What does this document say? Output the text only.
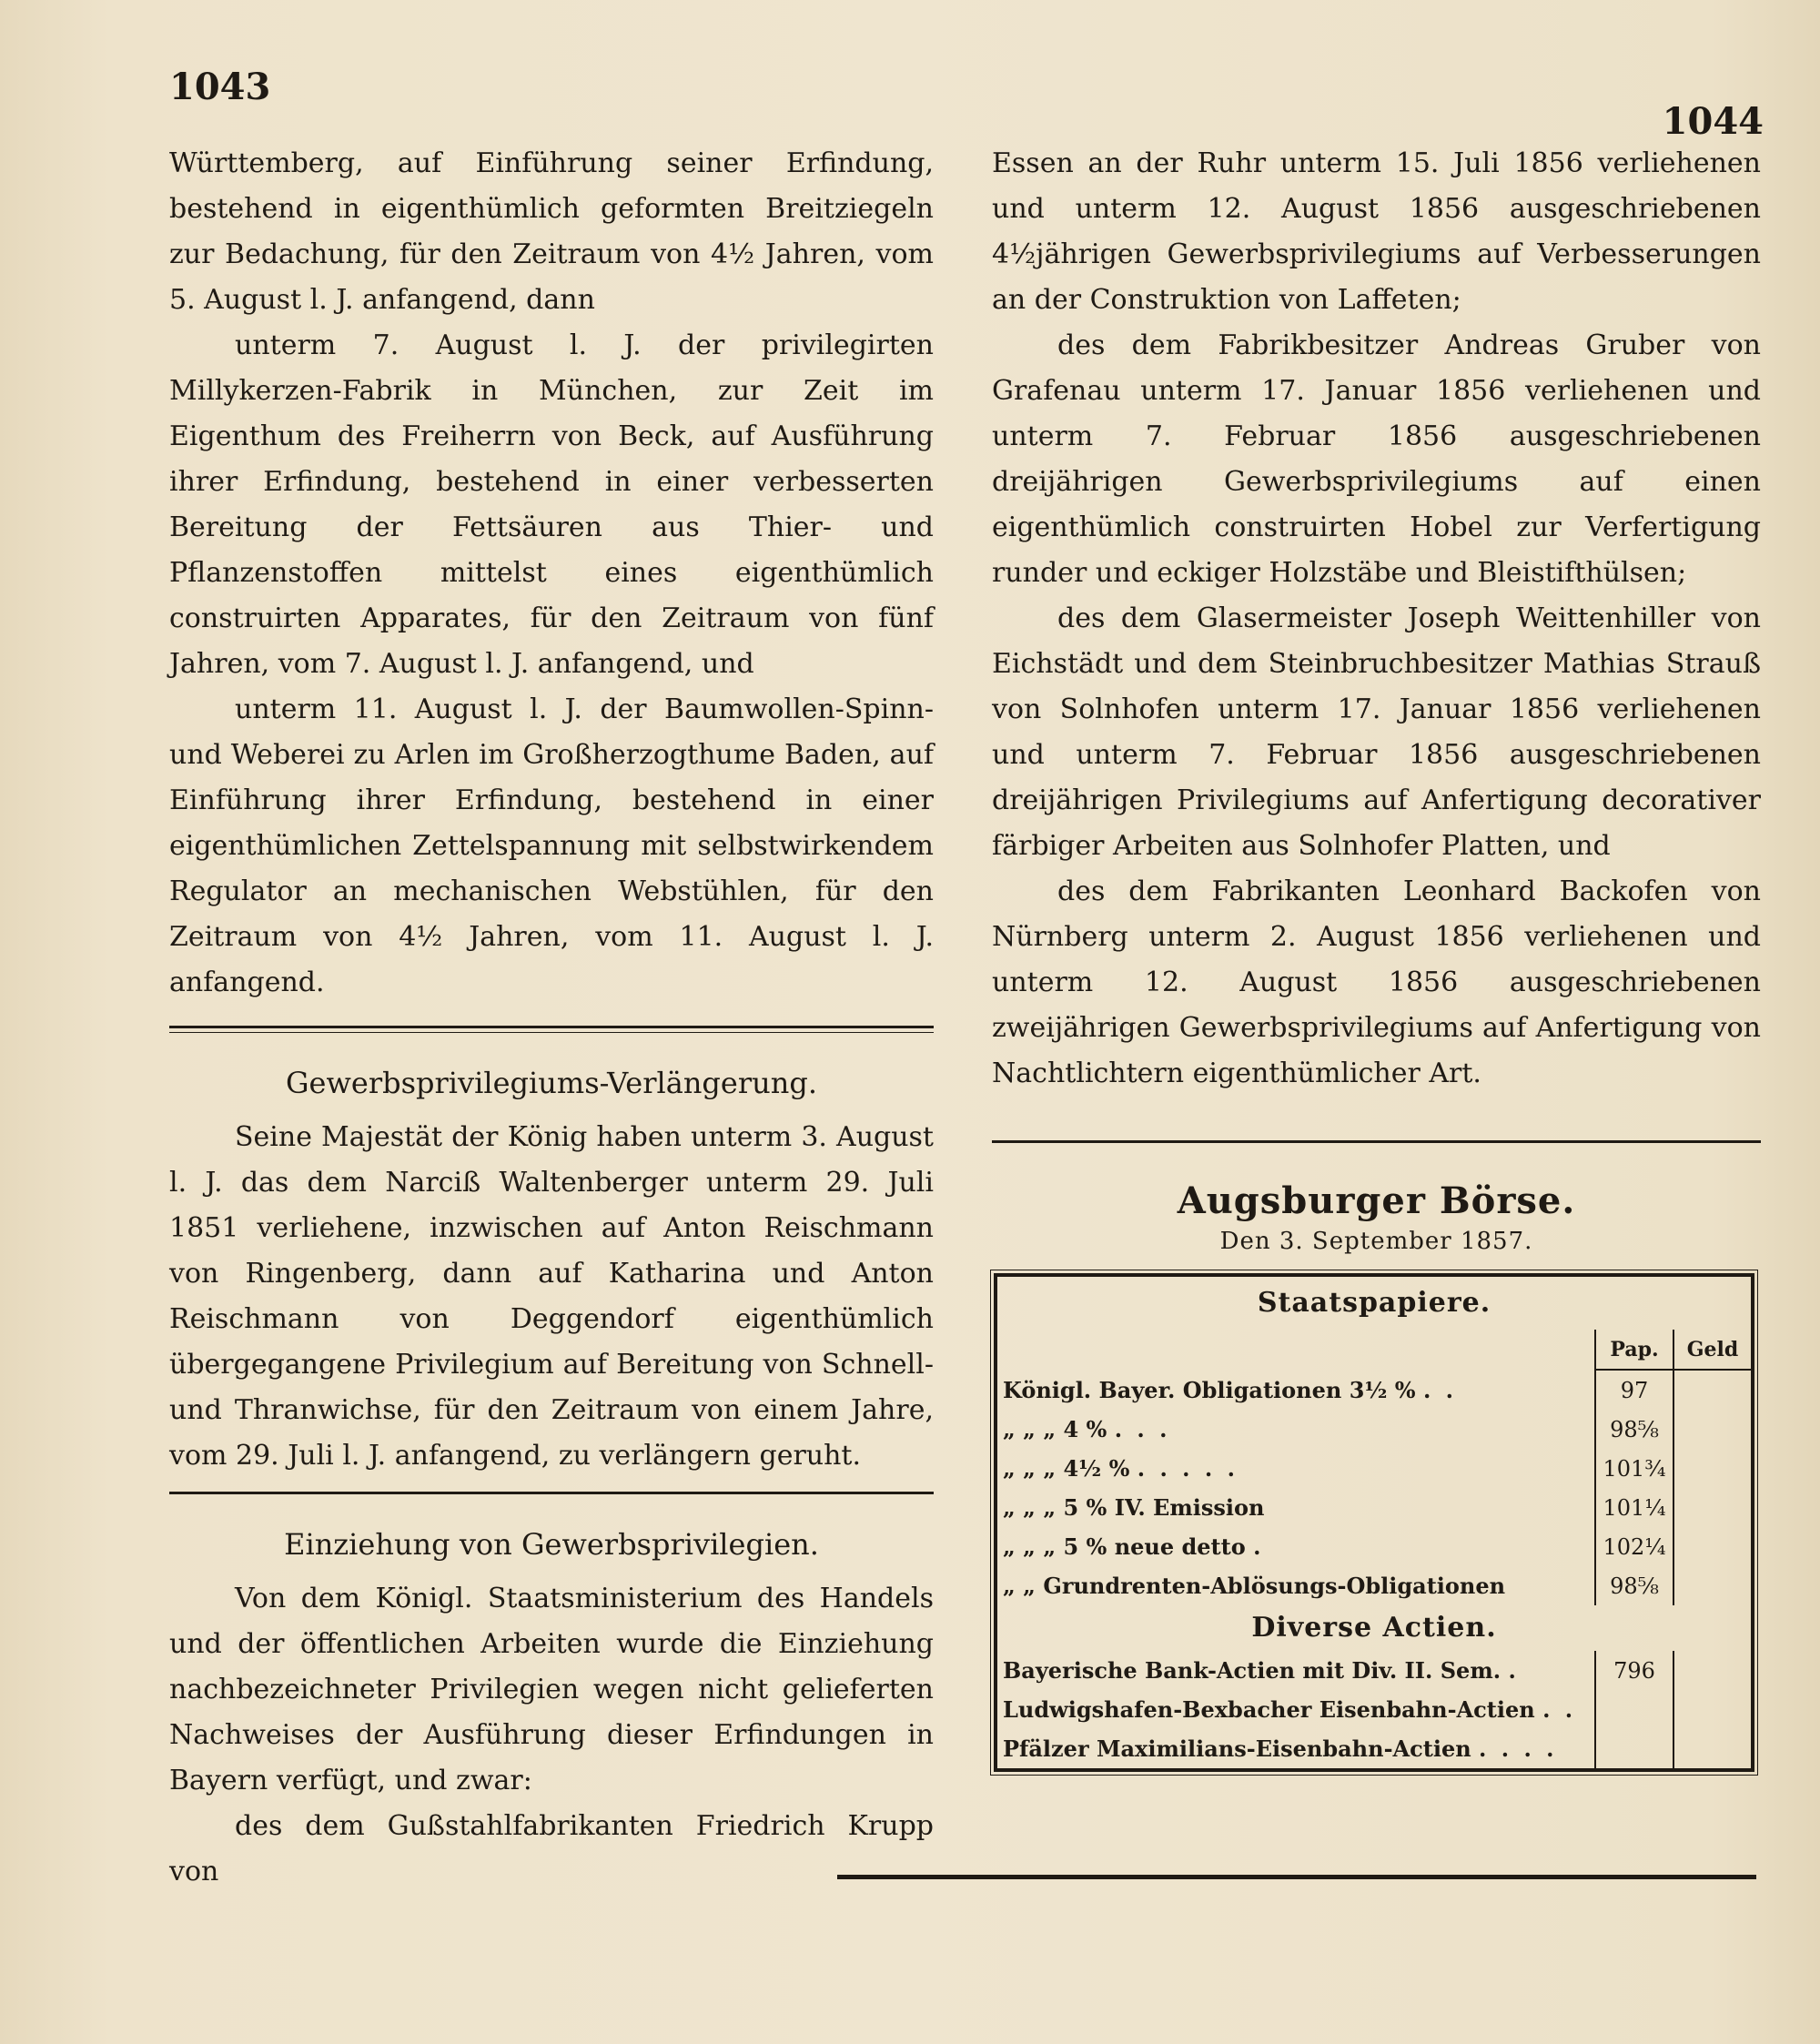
1043
1044

Württemberg, auf Einführung seiner Erfindung, bestehend in eigenthümlich geformten Breitziegeln zur Bedachung, für den Zeitraum von 4½ Jahren, vom 5. August l. J. anfangend, dann

unterm 7. August l. J. der privilegirten Millykerzen-Fabrik in München, zur Zeit im Eigenthum des Freiherrn von Beck, auf Ausführung ihrer Erfindung, bestehend in einer verbesserten Bereitung der Fettsäuren aus Thier- und Pflanzenstoffen mittelst eines eigenthümlich construirten Apparates, für den Zeitraum von fünf Jahren, vom 7. August l. J. anfangend, und

unterm 11. August l. J. der Baumwollen-Spinn- und Weberei zu Arlen im Großherzogthume Baden, auf Einführung ihrer Erfindung, bestehend in einer eigenthümlichen Zettelspannung mit selbstwirkendem Regulator an mechanischen Webstühlen, für den Zeitraum von 4½ Jahren, vom 11. August l. J. anfangend.

Gewerbsprivilegiums-Verlängerung.

Seine Majestät der König haben unterm 3. August l. J. das dem Narciß Waltenberger unterm 29. Juli 1851 verliehene, inzwischen auf Anton Reischmann von Ringenberg, dann auf Katharina und Anton Reischmann von Deggendorf eigenthümlich übergegangene Privilegium auf Bereitung von Schnell- und Thranwichse, für den Zeitraum von einem Jahre, vom 29. Juli l. J. anfangend, zu verlängern geruht.

Einziehung von Gewerbsprivilegien.

Von dem Königl. Staatsministerium des Handels und der öffentlichen Arbeiten wurde die Einziehung nachbezeichneter Privilegien wegen nicht gelieferten Nachweises der Ausführung dieser Erfindungen in Bayern verfügt, und zwar:

des dem Gußstahlfabrikanten Friedrich Krupp von

Essen an der Ruhr unterm 15. Juli 1856 verliehenen und unterm 12. August 1856 ausgeschriebenen 4½jährigen Gewerbsprivilegiums auf Verbesserungen an der Construktion von Laffeten;

des dem Fabrikbesitzer Andreas Gruber von Grafenau unterm 17. Januar 1856 verliehenen und unterm 7. Februar 1856 ausgeschriebenen dreijährigen Gewerbsprivilegiums auf einen eigenthümlich construirten Hobel zur Verfertigung runder und eckiger Holzstäbe und Bleistifthülsen;

des dem Glasermeister Joseph Weittenhiller von Eichstädt und dem Steinbruchbesitzer Mathias Strauß von Solnhofen unterm 17. Januar 1856 verliehenen und unterm 7. Februar 1856 ausgeschriebenen dreijährigen Privilegiums auf Anfertigung decorativer färbiger Arbeiten aus Solnhofer Platten, und

des dem Fabrikanten Leonhard Backofen von Nürnberg unterm 2. August 1856 verliehenen und unterm 12. August 1856 ausgeschriebenen zweijährigen Gewerbsprivilegiums auf Anfertigung von Nachtlichtern eigenthümlicher Art.

Augsburger Börse.
Den 3. September 1857.
Staatspapiere.
	Pap.	Geld
Königl. Bayer. Obligationen 3½ % . .	97	
„ „ „ 4 % . . .	98⅝	
„ „ „ 4½ % . . . . .	101¾	
„ „ „ 5 % IV. Emission	101¼	
„ „ „ 5 % neue detto .	102¼	
„ „ Grundrenten-Ablösungs-Obligationen	98⅝	
Diverse Actien.
Bayerische Bank-Actien mit Div. II. Sem. .	796	
Ludwigshafen-Bexbacher Eisenbahn-Actien . .		
Pfälzer Maximilians-Eisenbahn-Actien . . . .		
